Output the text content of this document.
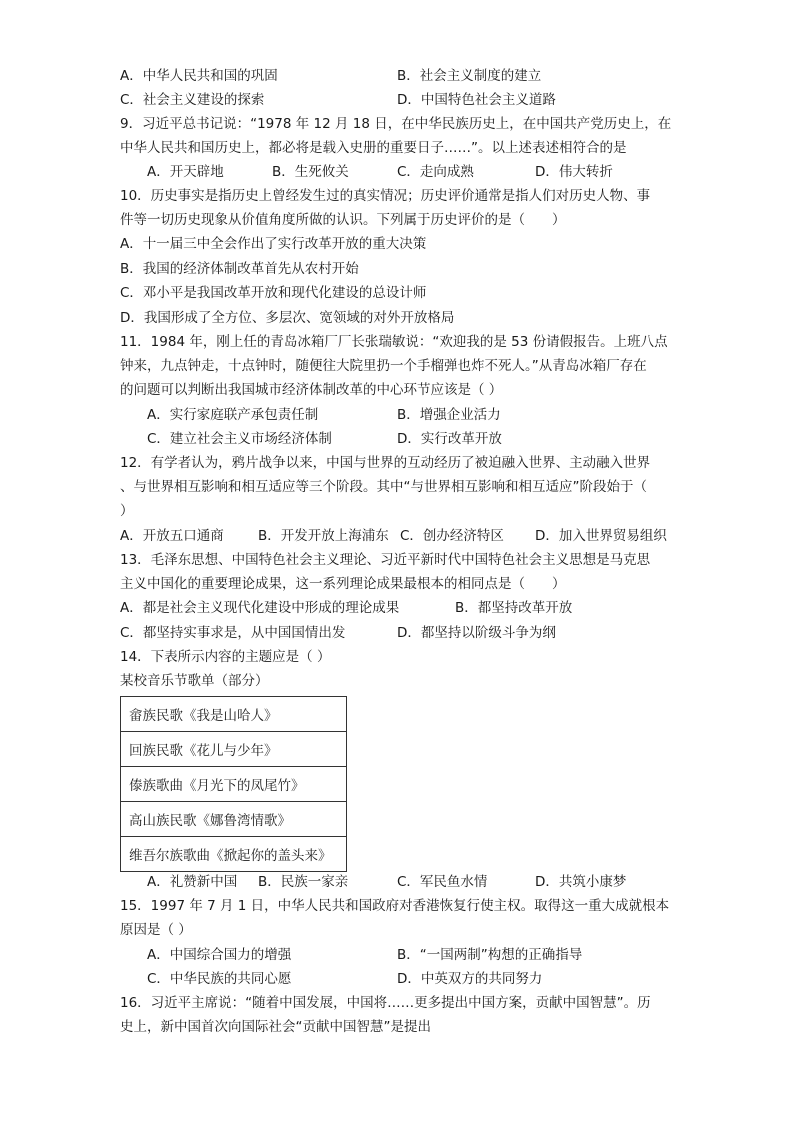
A．中华人民共和国的巩固	B．社会主义制度的建立
C．社会主义建设的探索	D．中国特色社会主义道路
9．习近平总书记说：“1978 年 12 月 18 日，在中华民族历史上，在中国共产党历史上，在
中华人民共和国历史上，都必将是载入史册的重要日子……”。以上述表述相符合的是
A．开天辟地	B．生死攸关	C．走向成熟	D．伟大转折
10．历史事实是指历史上曾经发生过的真实情况；历史评价通常是指人们对历史人物、事
件等一切历史现象从价值角度所做的认识。下列属于历史评价的是（　　）
A．十一届三中全会作出了实行改革开放的重大决策
B．我国的经济体制改革首先从农村开始
C．邓小平是我国改革开放和现代化建设的总设计师
D．我国形成了全方位、多层次、宽领域的对外开放格局
11．1984 年，刚上任的青岛冰箱厂厂长张瑞敏说：“欢迎我的是 53 份请假报告。上班八点
钟来，九点钟走，十点钟时，随便往大院里扔一个手榴弹也炸不死人。”从青岛冰箱厂存在
的问题可以判断出我国城市经济体制改革的中心环节应该是（ ）
A．实行家庭联产承包责任制	B．增强企业活力
C．建立社会主义市场经济体制	D．实行改革开放
12．有学者认为，鸦片战争以来，中国与世界的互动经历了被迫融入世界、主动融入世界
、与世界相互影响和相互适应等三个阶段。其中“与世界相互影响和相互适应”阶段始于（
）
A．开放五口通商	B．开发开放上海浦东 C．创办经济特区 D．加入世界贸易组织
13．毛泽东思想、中国特色社会主义理论、习近平新时代中国特色社会主义思想是马克思
主义中国化的重要理论成果，这一系列理论成果最根本的相同点是（　　）
A．都是社会主义现代化建设中形成的理论成果	B．都坚持改革开放
C．都坚持实事求是，从中国国情出发	D．都坚持以阶级斗争为纲
14．下表所示内容的主题应是（ ）
某校音乐节歌单（部分）
畲族民歌《我是山哈人》
回族民歌《花儿与少年》
傣族歌曲《月光下的凤尾竹》
高山族民歌《娜鲁湾情歌》
维吾尔族歌曲《掀起你的盖头来》
A．礼赞新中国 B．民族一家亲	C．军民鱼水情	D．共筑小康梦
15．1997 年 7 月 1 日，中华人民共和国政府对香港恢复行使主权。取得这一重大成就根本
原因是（ ）
A．中国综合国力的增强	B．“一国两制”构想的正确指导
C．中华民族的共同心愿	D．中英双方的共同努力
16．习近平主席说：“随着中国发展，中国将……更多提出中国方案，贡献中国智慧”。历
史上，新中国首次向国际社会“贡献中国智慧”是提出
